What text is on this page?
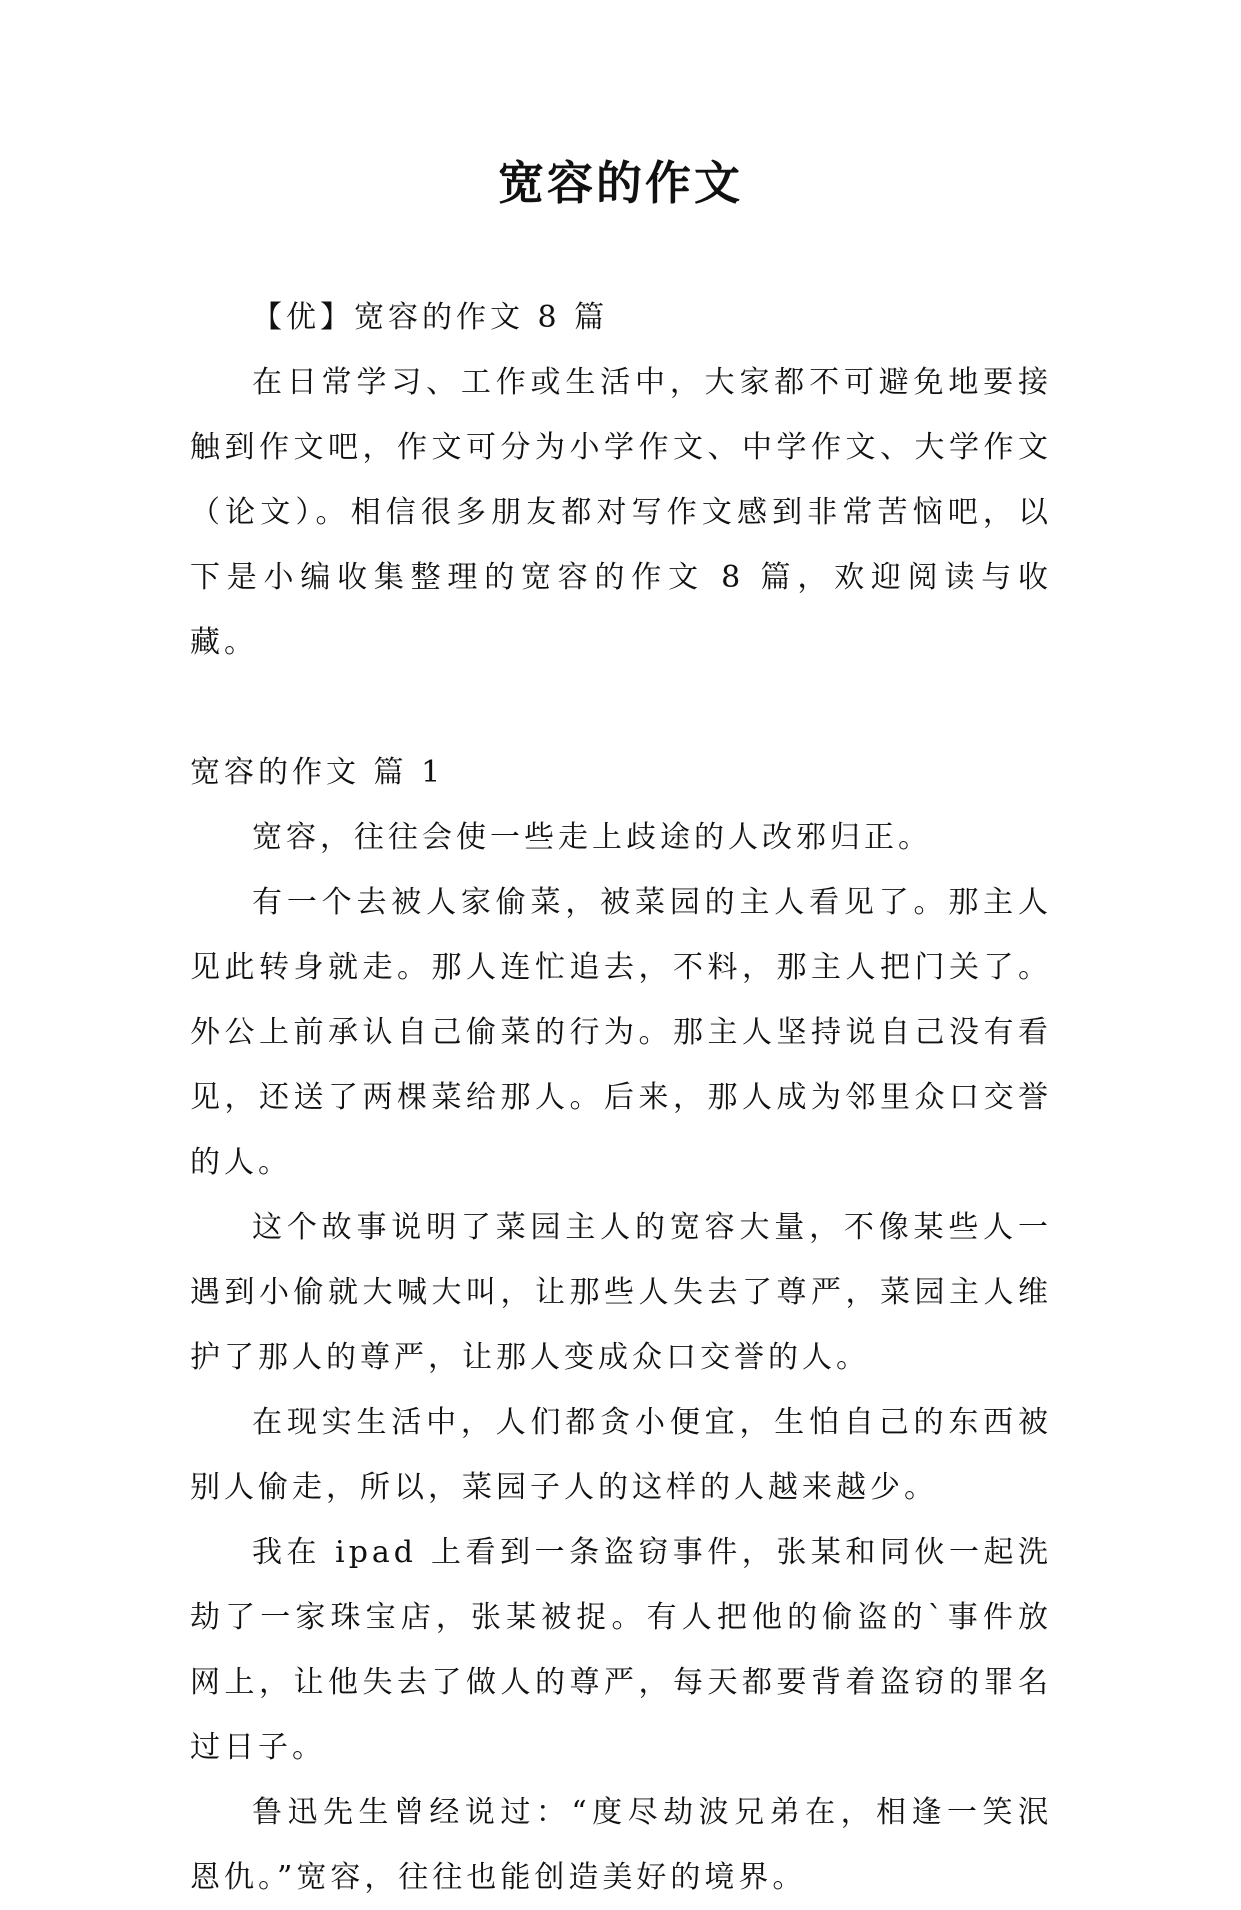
宽容的作文

【优】宽容的作文 8 篇

在日常学习、工作或生活中，大家都不可避免地要接触到作文吧，作文可分为小学作文、中学作文、大学作文（论文）。相信很多朋友都对写作文感到非常苦恼吧，以下是小编收集整理的宽容的作文 8 篇，欢迎阅读与收藏。

宽容的作文 篇 1

宽容，往往会使一些走上歧途的人改邪归正。

有一个去被人家偷菜，被菜园的主人看见了。那主人见此转身就走。那人连忙追去，不料，那主人把门关了。外公上前承认自己偷菜的行为。那主人坚持说自己没有看见，还送了两棵菜给那人。后来，那人成为邻里众口交誉的人。

这个故事说明了菜园主人的宽容大量，不像某些人一遇到小偷就大喊大叫，让那些人失去了尊严，菜园主人维护了那人的尊严，让那人变成众口交誉的人。

在现实生活中，人们都贪小便宜，生怕自己的东西被别人偷走，所以，菜园子人的这样的人越来越少。

我在 ipad 上看到一条盗窃事件，张某和同伙一起洗劫了一家珠宝店，张某被捉。有人把他的偷盗的`事件放网上，让他失去了做人的尊严，每天都要背着盗窃的罪名过日子。

鲁迅先生曾经说过：“度尽劫波兄弟在，相逢一笑泯恩仇。”宽容，往往也能创造美好的境界。
